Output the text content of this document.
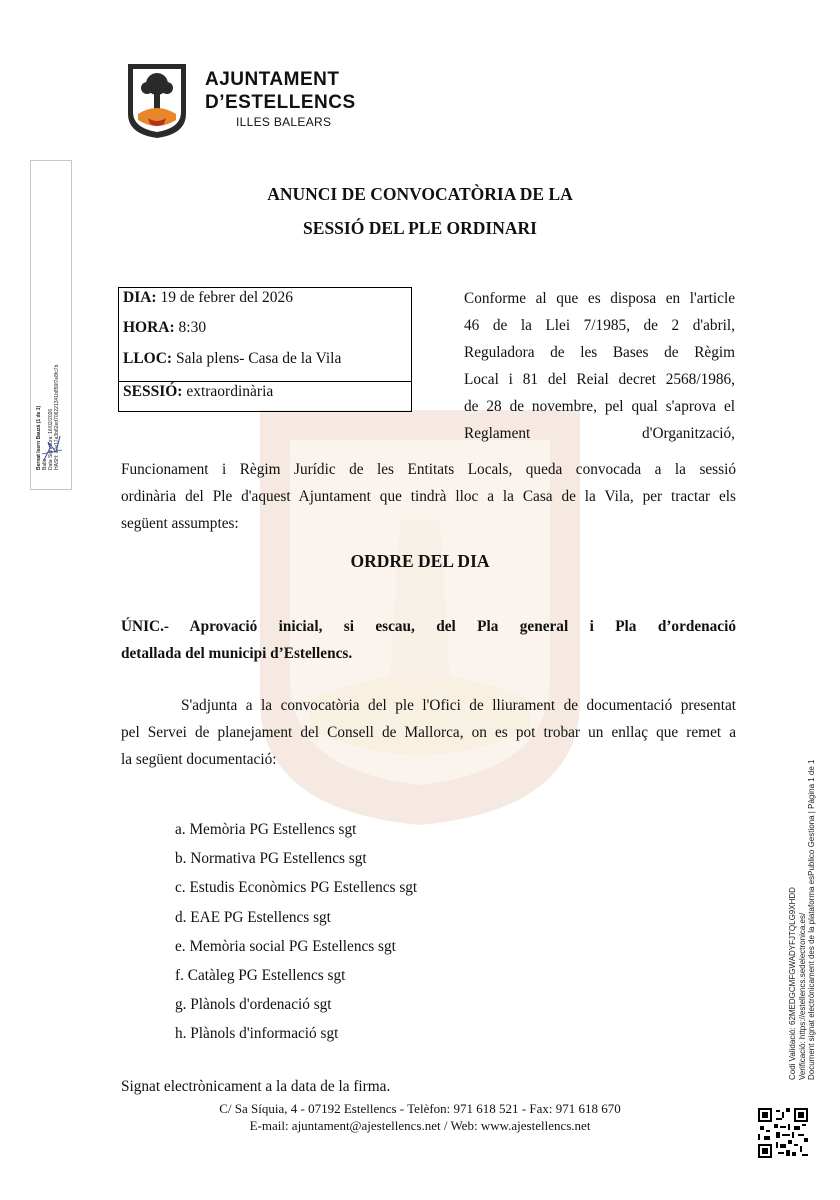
AJUNTAMENT
D’ESTELLENCS
ILLES BALEARS
Bernat Isern Bauzá (1 de 1) Batle Data Signatura: 16/02/2026 HASH: 37e17a3b82ed706221341b859f7e8fc7b
ANUNCI DE CONVOCATÒRIA DE LA
SESSIÓ DEL PLE ORDINARI
DIA: 19 de febrer del 2026
HORA: 8:30
LLOC: Sala plens- Casa de la Vila
SESSIÓ: extraordinària
Conforme al que es disposa en l'article
46 de la Llei 7/1985, de 2 d'abril,
Reguladora de les Bases de Règim
Local i 81 del Reial decret 2568/1986,
de 28 de novembre, pel qual s'aprova el
Reglament d'Organització,
Funcionament i Règim Jurídic de les Entitats Locals, queda convocada a la sessió
ordinària del Ple d'aquest Ajuntament que tindrà lloc a la Casa de la Vila, per tractar els
següent assumptes:
ORDRE DEL DIA
ÚNIC.- Aprovació inicial, si escau, del Pla general i Pla d’ordenació
detallada del municipi d’Estellencs.
S'adjunta a la convocatòria del ple l'Ofici de lliurament de documentació presentat
pel Servei de planejament del Consell de Mallorca, on es pot trobar un enllaç que remet a
la següent documentació:
a. Memòria PG Estellencs sgt
b. Normativa PG Estellencs sgt
c. Estudis Econòmics PG Estellencs sgt
d. EAE PG Estellencs sgt
e. Memòria social PG Estellencs sgt
f. Catàleg PG Estellencs sgt
g. Plànols d'ordenació sgt
h. Plànols d'informació sgt
Signat electrònicament a la data de la firma.
C/ Sa Síquia, 4 - 07192 Estellencs - Telèfon: 971 618 521 - Fax: 971 618 670
E-mail: ajuntament@ajestellencs.net / Web: www.ajestellencs.net
Codi Validació: 62MEDGCMFGWADYFJTQLG9XHDD Verificació: https://estellencs.sedelectronica.es/ Document signat electrònicament des de la plataforma esPublico Gestiona | Pàgina 1 de 1
